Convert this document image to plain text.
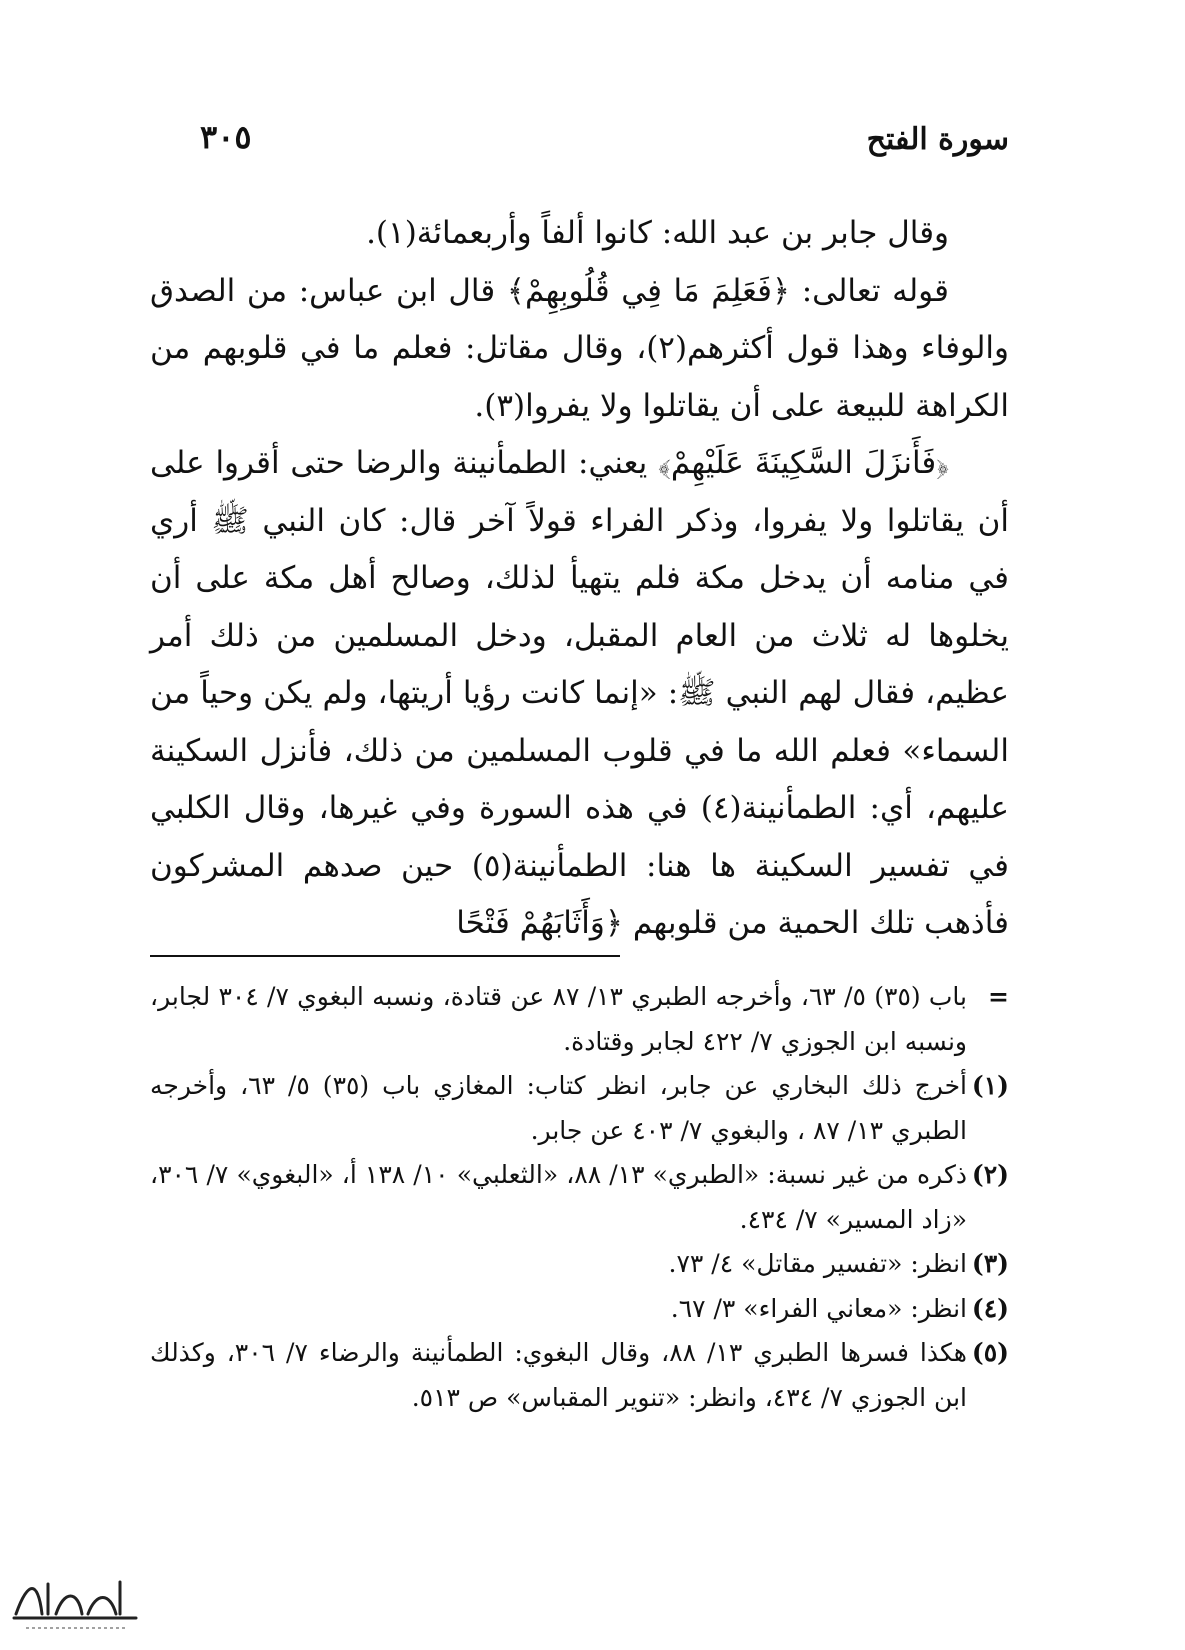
سورة الفتح
٣٠٥

وقال جابر بن عبد الله: كانوا ألفاً وأربعمائة(١).

قوله تعالى: ﴿فَعَلِمَ مَا فِي قُلُوبِهِمْ﴾ قال ابن عباس: من الصدق والوفاء وهذا قول أكثرهم(٢)، وقال مقاتل: فعلم ما في قلوبهم من الكراهة للبيعة على أن يقاتلوا ولا يفروا(٣).

﴿فَأَنزَلَ السَّكِينَةَ عَلَيْهِمْ﴾ يعني: الطمأنينة والرضا حتى أقروا على أن يقاتلوا ولا يفروا، وذكر الفراء قولاً آخر قال: كان النبي ﷺ أري في منامه أن يدخل مكة فلم يتهيأ لذلك، وصالح أهل مكة على أن يخلوها له ثلاث من العام المقبل، ودخل المسلمين من ذلك أمر عظيم، فقال لهم النبي ﷺ: «إنما كانت رؤيا أريتها، ولم يكن وحياً من السماء» فعلم الله ما في قلوب المسلمين من ذلك، فأنزل السكينة عليهم، أي: الطمأنينة(٤) في هذه السورة وفي غيرها، وقال الكلبي في تفسير السكينة ها هنا: الطمأنينة(٥) حين صدهم المشركون فأذهب تلك الحمية من قلوبهم ﴿وَأَثَابَهُمْ فَتْحًا

=
باب (٣٥) ٥/ ٦٣، وأخرجه الطبري ١٣/ ٨٧ عن قتادة، ونسبه البغوي ٧/ ٣٠٤ لجابر، ونسبه ابن الجوزي ٧/ ٤٢٢ لجابر وقتادة.
(١)
أخرج ذلك البخاري عن جابر، انظر كتاب: المغازي باب (٣٥) ٥/ ٦٣، وأخرجه الطبري ١٣/ ٨٧ ، والبغوي ٧/ ٤٠٣ عن جابر.
(٢)
ذكره من غير نسبة: «الطبري» ١٣/ ٨٨، «الثعلبي» ١٠/ ١٣٨ أ، «البغوي» ٧/ ٣٠٦، «زاد المسير» ٧/ ٤٣٤.
(٣)
انظر: «تفسير مقاتل» ٤/ ٧٣.
(٤)
انظر: «معاني الفراء» ٣/ ٦٧.
(٥)
هكذا فسرها الطبري ١٣/ ٨٨، وقال البغوي: الطمأنينة والرضاء ٧/ ٣٠٦، وكذلك ابن الجوزي ٧/ ٤٣٤، وانظر: «تنوير المقباس» ص ٥١٣.
